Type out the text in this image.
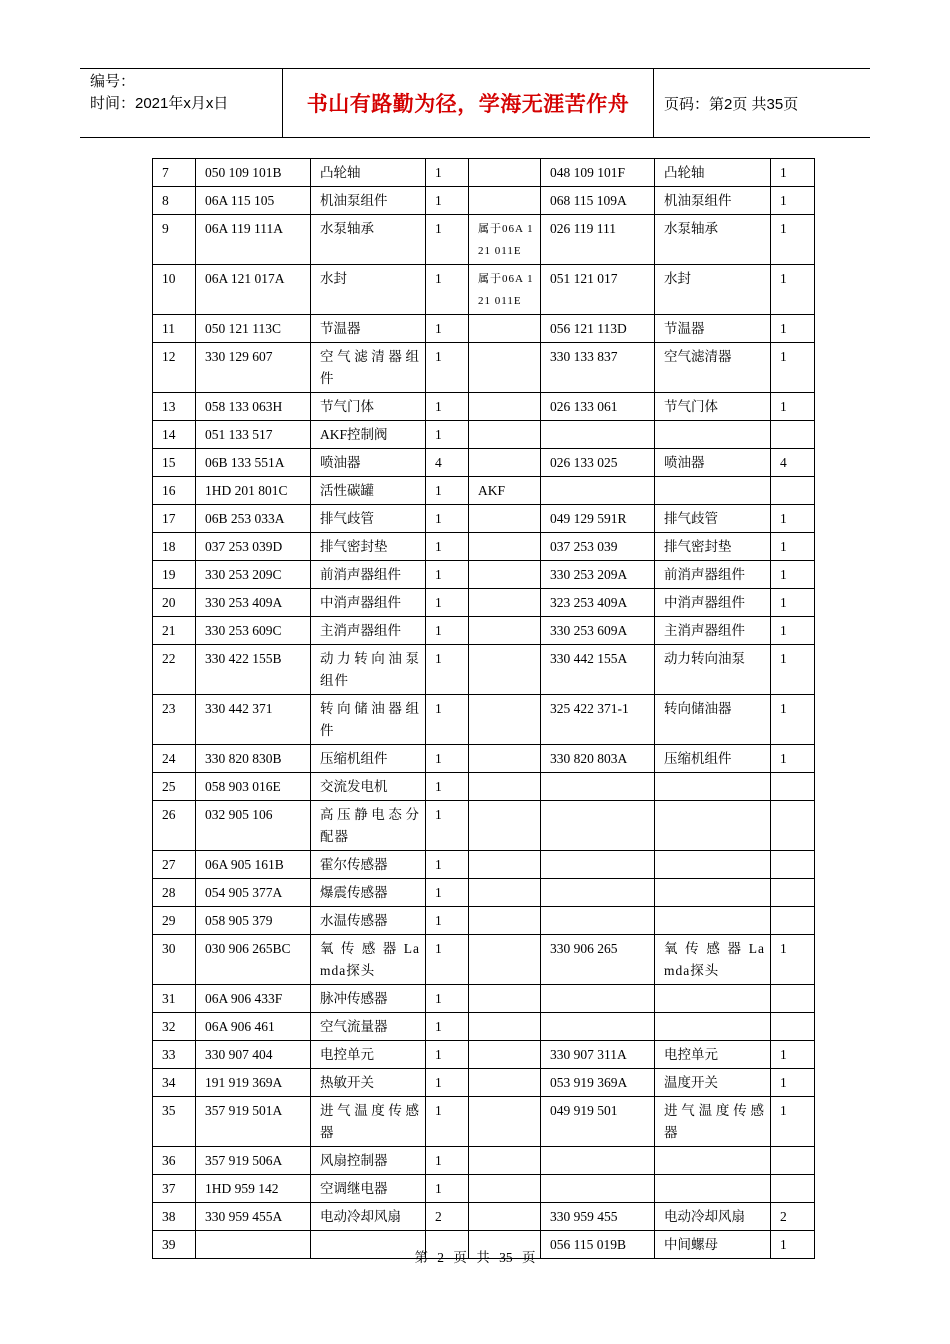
编号：
时间：2021年x月x日	书山有路勤为径，学海无涯苦作舟 页码：第2页 共35页
7	050 109 101B	凸轮轴	1		048 109 101F	凸轮轴	1
8	06A 115 105	机油泵组件	1		068 115 109A	机油泵组件	1
9	06A 119 111A	水泵轴承	1	属于06A 121 011E	026 119 111	水泵轴承	1
10	06A 121 017A	水封	1	属于06A 121 011E	051 121 017	水封	1
11	050 121 113C	节温器	1		056 121 113D	节温器	1
12	330 129 607	空气滤清器组件	1		330 133 837	空气滤清器	1
13	058 133 063H	节气门体	1		026 133 061	节气门体	1
14	051 133 517	AKF控制阀	1				
15	06B 133 551A	喷油器	4		026 133 025	喷油器	4
16	1HD 201 801C	活性碳罐	1	AKF			
17	06B 253 033A	排气歧管	1		049 129 591R	排气歧管	1
18	037 253 039D	排气密封垫	1		037 253 039	排气密封垫	1
19	330 253 209C	前消声器组件	1		330 253 209A	前消声器组件	1
20	330 253 409A	中消声器组件	1		323 253 409A	中消声器组件	1
21	330 253 609C	主消声器组件	1		330 253 609A	主消声器组件	1
22	330 422 155B	动力转向油泵组件	1		330 442 155A	动力转向油泵	1
23	330 442 371	转向储油器组件	1		325 422 371-1	转向储油器	1
24	330 820 830B	压缩机组件	1		330 820 803A	压缩机组件	1
25	058 903 016E	交流发电机	1				
26	032 905 106	高压静电态分配器	1				
27	06A 905 161B	霍尔传感器	1				
28	054 905 377A	爆震传感器	1				
29	058 905 379	水温传感器	1				
30	030 906 265BC	氧 传 感 器 Lamda探头	1		330 906 265	氧 传 感 器 Lamda探头	1
31	06A 906 433F	脉冲传感器	1				
32	06A 906 461	空气流量器	1				
33	330 907 404	电控单元	1		330 907 311A	电控单元	1
34	191 919 369A	热敏开关	1		053 919 369A	温度开关	1
35	357 919 501A	进气温度传感器	1		049 919 501	进气温度传感器	1
36	357 919 506A	风扇控制器	1				
37	1HD 959 142	空调继电器	1				
38	330 959 455A	电动冷却风扇	2		330 959 455	电动冷却风扇	2
39					056 115 019B	中间螺母	1
第 2 页 共 35 页
